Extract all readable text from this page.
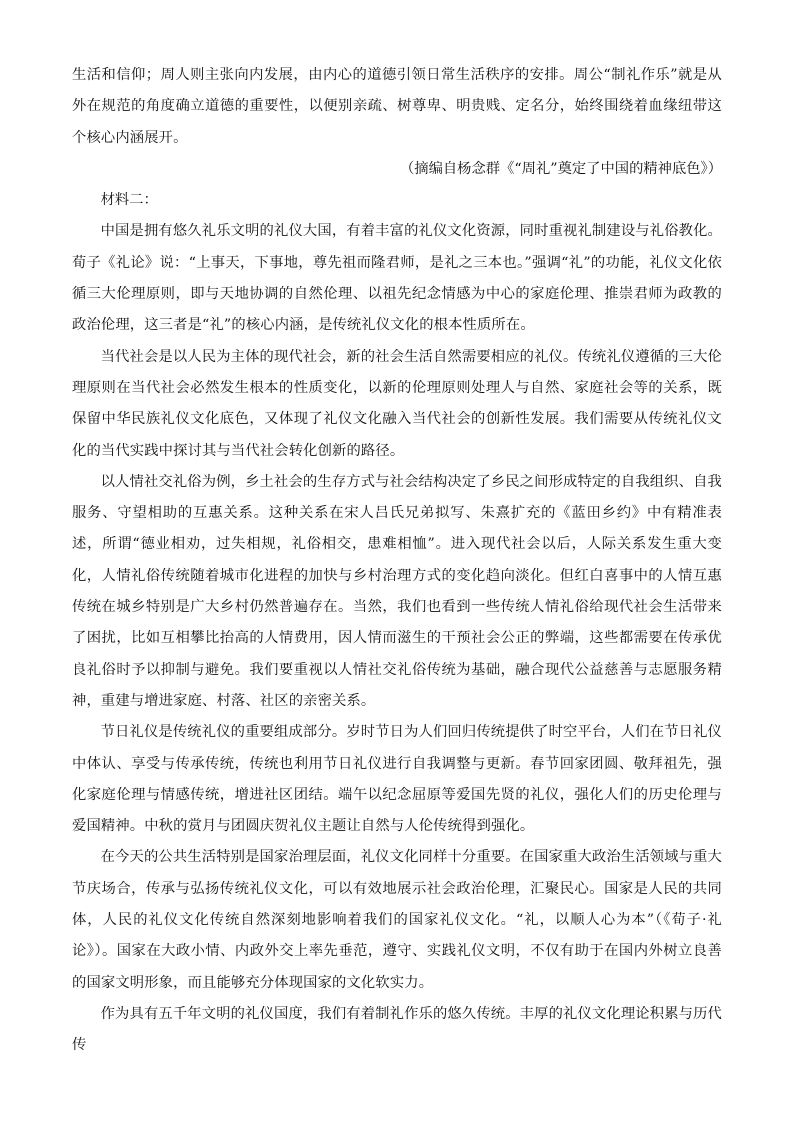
生活和信仰；周人则主张向内发展，由内心的道德引领日常生活秩序的安排。周公“制礼作乐”就是从外在规范的角度确立道德的重要性，以便别亲疏、树尊卑、明贵贱、定名分，始终围绕着血缘纽带这个核心内涵展开。

（摘编自杨念群《“周礼”奠定了中国的精神底色》）

材料二：

中国是拥有悠久礼乐文明的礼仪大国，有着丰富的礼仪文化资源，同时重视礼制建设与礼俗教化。荀子《礼论》说：“上事天，下事地，尊先祖而隆君师，是礼之三本也。”强调“礼”的功能，礼仪文化依循三大伦理原则，即与天地协调的自然伦理、以祖先纪念情感为中心的家庭伦理、推崇君师为政教的政治伦理，这三者是“礼”的核心内涵，是传统礼仪文化的根本性质所在。

当代社会是以人民为主体的现代社会，新的社会生活自然需要相应的礼仪。传统礼仪遵循的三大伦理原则在当代社会必然发生根本的性质变化，以新的伦理原则处理人与自然、家庭社会等的关系，既保留中华民族礼仪文化底色，又体现了礼仪文化融入当代社会的创新性发展。我们需要从传统礼仪文化的当代实践中探讨其与当代社会转化创新的路径。

以人情社交礼俗为例，乡土社会的生存方式与社会结构决定了乡民之间形成特定的自我组织、自我服务、守望相助的互惠关系。这种关系在宋人吕氏兄弟拟写、朱熹扩充的《蓝田乡约》中有精准表述，所谓“德业相劝，过失相规，礼俗相交，患难相恤”。进入现代社会以后，人际关系发生重大变化，人情礼俗传统随着城市化进程的加快与乡村治理方式的变化趋向淡化。但红白喜事中的人情互惠传统在城乡特别是广大乡村仍然普遍存在。当然，我们也看到一些传统人情礼俗给现代社会生活带来了困扰，比如互相攀比抬高的人情费用，因人情而滋生的干预社会公正的弊端，这些都需要在传承优良礼俗时予以抑制与避免。我们要重视以人情社交礼俗传统为基础，融合现代公益慈善与志愿服务精神，重建与增进家庭、村落、社区的亲密关系。

节日礼仪是传统礼仪的重要组成部分。岁时节日为人们回归传统提供了时空平台，人们在节日礼仪中体认、享受与传承传统，传统也利用节日礼仪进行自我调整与更新。春节回家团圆、敬拜祖先，强化家庭伦理与情感传统，增进社区团结。端午以纪念屈原等爱国先贤的礼仪，强化人们的历史伦理与爱国精神。中秋的赏月与团圆庆贺礼仪主题让自然与人伦传统得到强化。

在今天的公共生活特别是国家治理层面，礼仪文化同样十分重要。在国家重大政治生活领域与重大节庆场合，传承与弘扬传统礼仪文化，可以有效地展示社会政治伦理，汇聚民心。国家是人民的共同体，人民的礼仪文化传统自然深刻地影响着我们的国家礼仪文化。“礼，以顺人心为本”（《荀子·礼论》）。国家在大政小情、内政外交上率先垂范，遵守、实践礼仪文明，不仅有助于在国内外树立良善的国家文明形象，而且能够充分体现国家的文化软实力。

作为具有五千年文明的礼仪国度，我们有着制礼作乐的悠久传统。丰厚的礼仪文化理论积累与历代传
